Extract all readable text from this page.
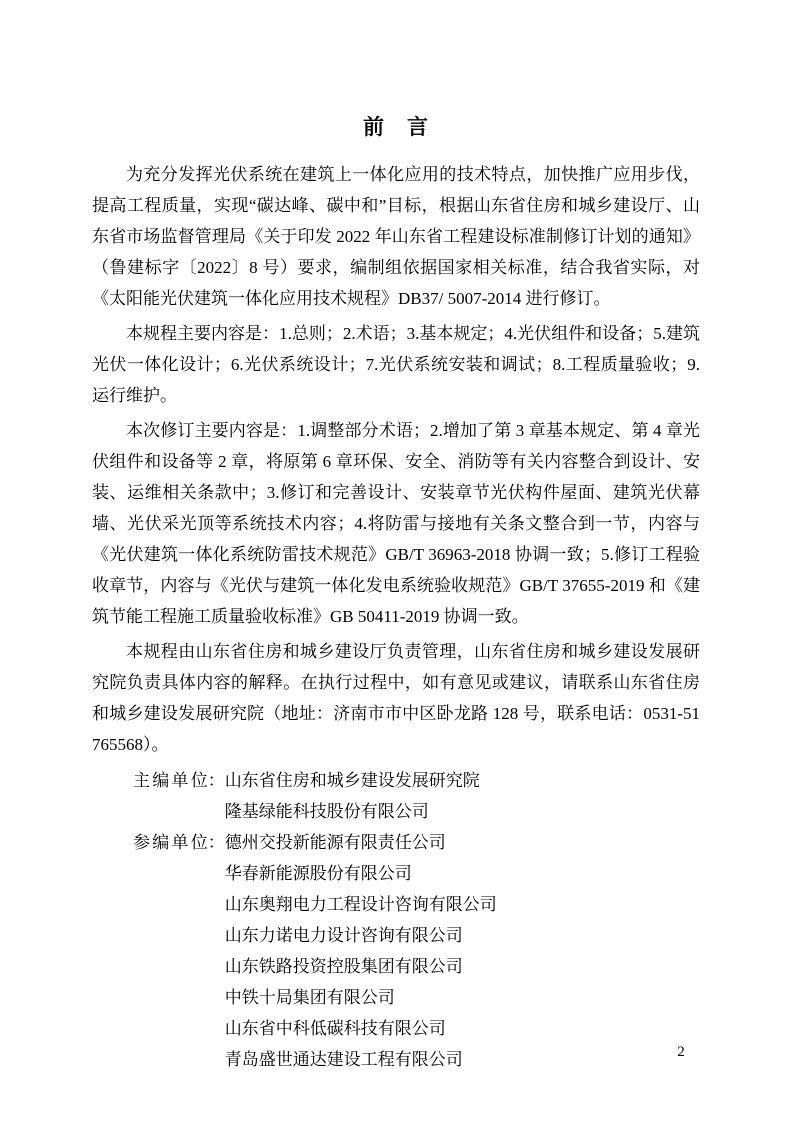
前　言

为充分发挥光伏系统在建筑上一体化应用的技术特点，加快推广应用步伐，提高工程质量，实现“碳达峰、碳中和”目标，根据山东省住房和城乡建设厅、山东省市场监督管理局《关于印发 2022 年山东省工程建设标准制修订计划的通知》（鲁建标字〔2022〕8 号）要求，编制组依据国家相关标准，结合我省实际，对《太阳能光伏建筑一体化应用技术规程》DB37/ 5007-2014 进行修订。

本规程主要内容是：1.总则；2.术语；3.基本规定；4.光伏组件和设备；5.建筑光伏一体化设计；6.光伏系统设计；7.光伏系统安装和调试；8.工程质量验收；9.运行维护。

本次修订主要内容是：1.调整部分术语；2.增加了第 3 章基本规定、第 4 章光伏组件和设备等 2 章，将原第 6 章环保、安全、消防等有关内容整合到设计、安装、运维相关条款中；3.修订和完善设计、安装章节光伏构件屋面、建筑光伏幕墙、光伏采光顶等系统技术内容；4.将防雷与接地有关条文整合到一节，内容与《光伏建筑一体化系统防雷技术规范》GB/T 36963-2018 协调一致；5.修订工程验收章节，内容与《光伏与建筑一体化发电系统验收规范》GB/T 37655-2019 和《建筑节能工程施工质量验收标准》GB 50411-2019 协调一致。

本规程由山东省住房和城乡建设厅负责管理，山东省住房和城乡建设发展研究院负责具体内容的解释。在执行过程中，如有意见或建议，请联系山东省住房和城乡建设发展研究院（地址：济南市市中区卧龙路 128 号，联系电话：0531-51765568）。

主 编 单 位： 山东省住房和城乡建设发展研究院
隆基绿能科技股份有限公司
参 编 单 位： 德州交投新能源有限责任公司
华春新能源股份有限公司
山东奥翔电力工程设计咨询有限公司
山东力诺电力设计咨询有限公司
山东铁路投资控股集团有限公司
中铁十局集团有限公司
山东省中科低碳科技有限公司
青岛盛世通达建设工程有限公司	2
